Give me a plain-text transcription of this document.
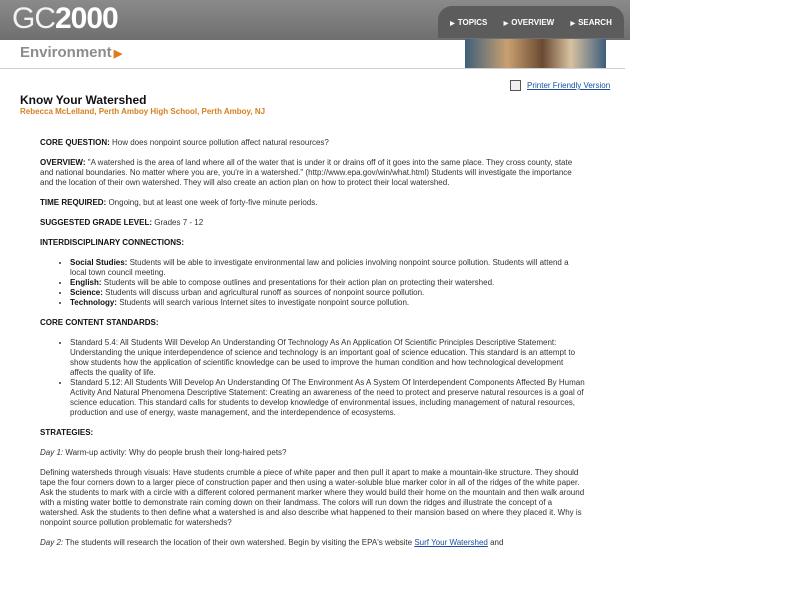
GC2000	▶ TOPICS	▶ OVERVIEW	▶ SEARCH
Environment ▶
Printer Friendly Version
Know Your Watershed
Rebecca McLelland, Perth Amboy High School, Perth Amboy, NJ

CORE QUESTION: How does nonpoint source pollution affect natural resources?

OVERVIEW: "A watershed is the area of land where all of the water that is under it or drains off of it goes into the same place. They cross county, state and national boundaries. No matter where you are, you're in a watershed." (http://www.epa.gov/win/what.html) Students will investigate the importance and the location of their own watershed. They will also create an action plan on how to protect their local watershed.

TIME REQUIRED: Ongoing, but at least one week of forty-five minute periods.

SUGGESTED GRADE LEVEL: Grades 7 - 12

INTERDISCIPLINARY CONNECTIONS:

• Social Studies: Students will be able to investigate environmental law and policies involving nonpoint source pollution. Students will attend a local town council meeting.
• English: Students will be able to compose outlines and presentations for their action plan on protecting their watershed.
• Science: Students will discuss urban and agricultural runoff as sources of nonpoint source pollution.
• Technology: Students will search various Internet sites to investigate nonpoint source pollution.

CORE CONTENT STANDARDS:

• Standard 5.4: All Students Will Develop An Understanding Of Technology As An Application Of Scientific Principles Descriptive Statement: Understanding the unique interdependence of science and technology is an important goal of science education. This standard is an attempt to show students how the application of scientific knowledge can be used to improve the human condition and how technological development affects the quality of life.
• Standard 5.12: All Students Will Develop An Understanding Of The Environment As A System Of Interdependent Components Affected By Human Activity And Natural Phenomena Descriptive Statement: Creating an awareness of the need to protect and preserve natural resources is a goal of science education. This standard calls for students to develop knowledge of environmental issues, including management of natural resources, production and use of energy, waste management, and the interdependence of ecosystems.

STRATEGIES:

Day 1: Warm-up activity: Why do people brush their long-haired pets?

Defining watersheds through visuals: Have students crumble a piece of white paper and then pull it apart to make a mountain-like structure. They should tape the four corners down to a larger piece of construction paper and then using a water-soluble blue marker color in all of the ridges of the white paper. Ask the students to mark with a circle with a different colored permanent marker where they would build their home on the mountain and then walk around with a misting water bottle to demonstrate rain coming down on their landmass. The colors will run down the ridges and illustrate the concept of a watershed. Ask the students to then define what a watershed is and also describe what happened to their mansion based on where they placed it. Why is nonpoint source pollution problematic for watersheds?

Day 2: The students will research the location of their own watershed. Begin by visiting the EPA's website Surf Your Watershed and
